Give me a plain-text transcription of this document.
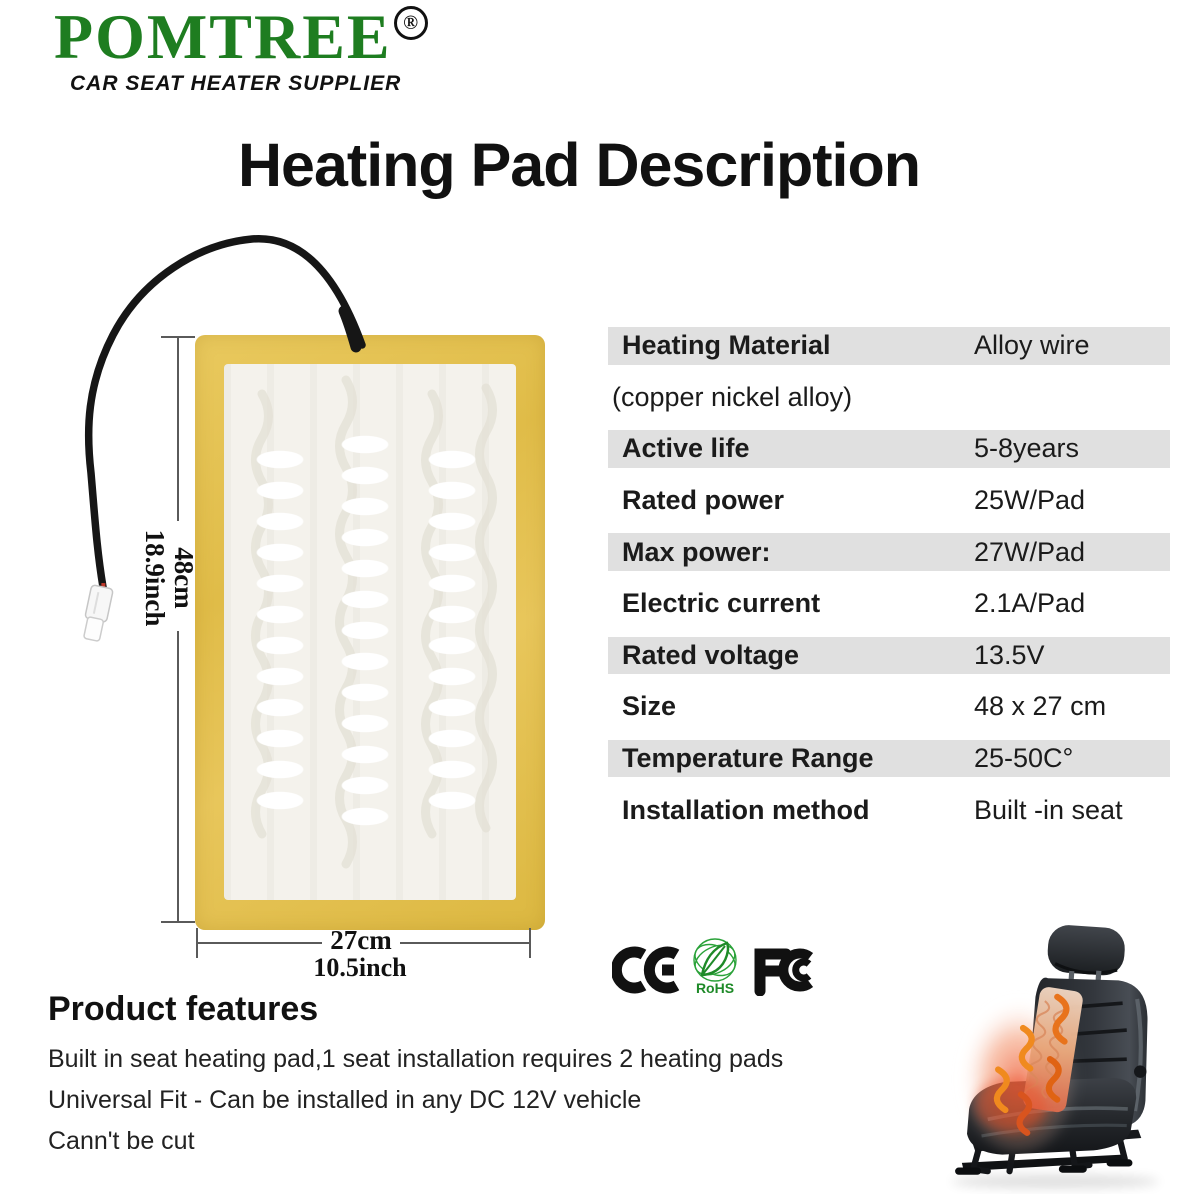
POMTREE ®
CAR SEAT HEATER SUPPLIER
Heating Pad Description
48cm
18.9inch
27cm
10.5inch
Heating Material	Alloy wire
(copper nickel alloy)
Active life	5-8years
Rated power	25W/Pad
Max power:	27W/Pad
Electric current	2.1A/Pad
Rated voltage	13.5V
Size	48 x 27 cm
Temperature Range	25-50C°
Installation method	Built -in seat
RoHS
Product features

Built in seat heating pad,1 seat installation requires 2 heating pads

Universal Fit - Can be installed in any DC 12V vehicle

Cann't be cut
